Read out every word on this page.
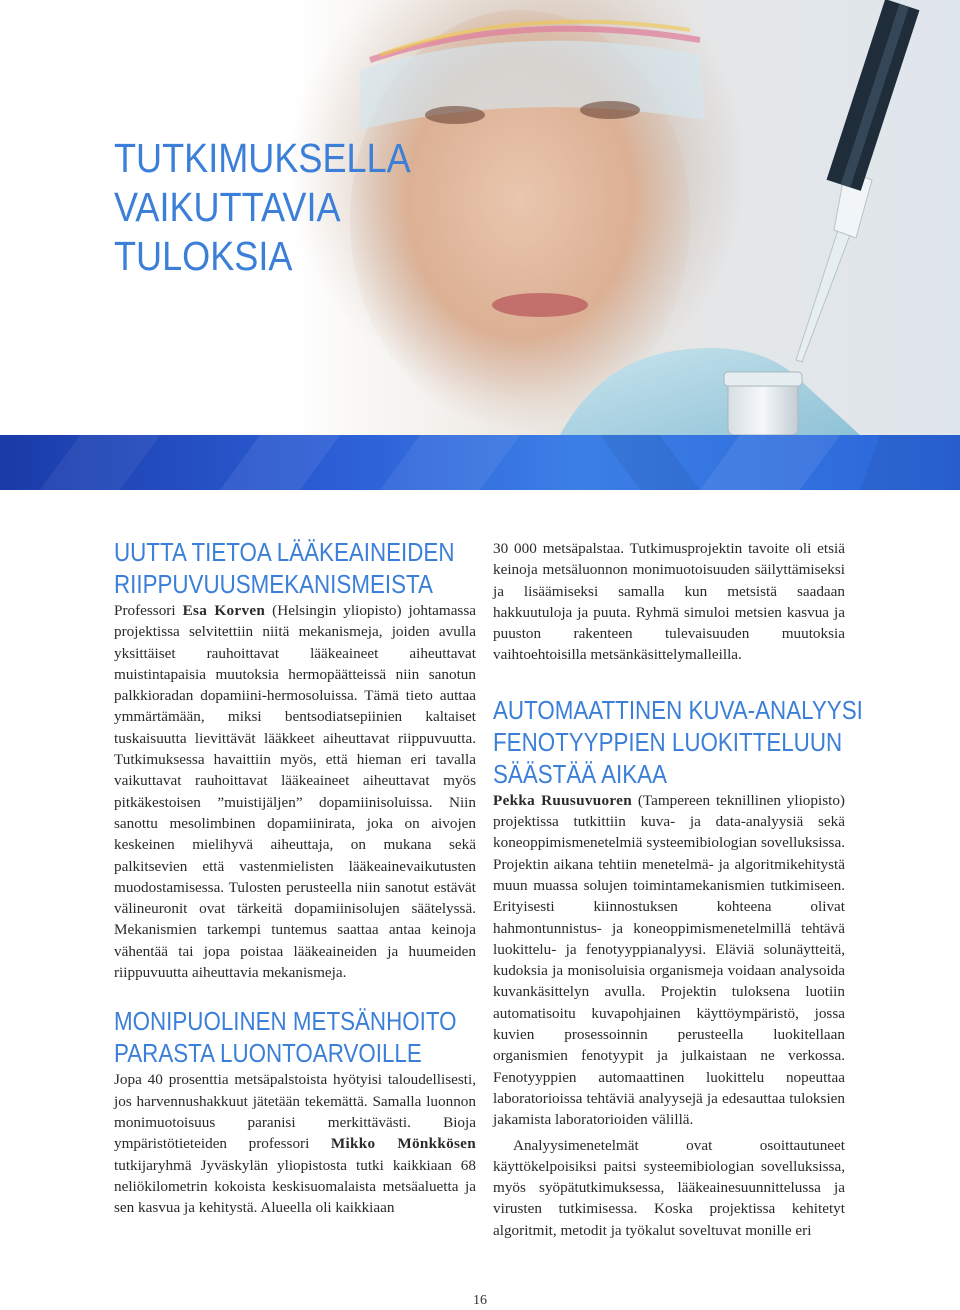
TUTKIMUKSELLA
VAIKUTTAVIA
TULOKSIA
UUTTA TIETOA LÄÄKEAINEIDEN
RIIPPUVUUSMEKANISMEISTA

Professori Esa Korven (Helsingin yliopisto) johtamassa projektissa selvitettiin niitä mekanismeja, joiden avulla yksittäiset rauhoittavat lääkeaineet aiheuttavat muistintapaisia muutoksia hermopäätteissä niin sanotun palkkioradan dopamiini-hermosoluissa. Tämä tieto auttaa ymmärtämään, miksi bentsodiatsepiinien kaltaiset tuskaisuutta lievittävät lääkkeet aiheuttavat riippuvuutta. Tutkimuksessa havaittiin myös, että hieman eri tavalla vaikuttavat rauhoittavat lääkeaineet aiheuttavat myös pitkäkestoisen ”muistijäljen” dopamiinisoluissa. Niin sanottu mesolimbinen dopamiinirata, joka on aivojen keskeinen mielihyvä aiheuttaja, on mukana sekä palkitsevien että vastenmielisten lääkeainevaikutusten muodostamisessa. Tulosten perusteella niin sanotut estävät välineuronit ovat tärkeitä dopamiinisolujen säätelyssä. Mekanismien tarkempi tuntemus saattaa antaa keinoja vähentää tai jopa poistaa lääkeaineiden ja huumeiden riippuvuutta aiheuttavia mekanismeja.

MONIPUOLINEN METSÄNHOITO
PARASTA LUONTOARVOILLE

Jopa 40 prosenttia metsäpalstoista hyötyisi taloudellisesti, jos harvennushakkuut jätetään tekemättä. Samalla luonnon monimuotoisuus paranisi merkittävästi. Bioja ympäristötieteiden professori Mikko Mönkkösen tutkijaryhmä Jyväskylän yliopistosta tutki kaikkiaan 68 neliökilometrin kokoista keskisuomalaista metsäaluetta ja sen kasvua ja kehitystä. Alueella oli kaikkiaan

30 000 metsäpalstaa. Tutkimusprojektin tavoite oli etsiä keinoja metsäluonnon monimuotoisuuden säilyttämiseksi ja lisäämiseksi samalla kun metsistä saadaan hakkuutuloja ja puuta. Ryhmä simuloi metsien kasvua ja puuston rakenteen tulevaisuuden muutoksia vaihtoehtoisilla metsänkäsittelymalleilla.

AUTOMAATTINEN KUVA-ANALYYSI
FENOTYYPPIEN LUOKITTELUUN
SÄÄSTÄÄ AIKAA

Pekka Ruusuvuoren (Tampereen teknillinen yliopisto) projektissa tutkittiin kuva- ja data-analyysiä sekä koneoppimismenetelmiä systeemibiologian sovelluksissa. Projektin aikana tehtiin menetelmä- ja algoritmikehitystä muun muassa solujen toimintamekanismien tutkimiseen. Erityisesti kiinnostuksen kohteena olivat hahmontunnistus- ja koneoppimismenetelmillä tehtävä luokittelu- ja fenotyyppianalyysi. Eläviä solunäytteitä, kudoksia ja monisoluisia organismeja voidaan analysoida kuvankäsittelyn avulla. Projektin tuloksena luotiin automatisoitu kuvapohjainen käyttöympäristö, jossa kuvien prosessoinnin perusteella luokitellaan organismien fenotyypit ja julkaistaan ne verkossa. Fenotyyppien automaattinen luokittelu nopeuttaa laboratorioissa tehtäviä analyysejä ja edesauttaa tuloksien jakamista laboratorioiden välillä.

Analyysimenetelmät ovat osoittautuneet käyttökelpoisiksi paitsi systeemibiologian sovelluksissa, myös syöpätutkimuksessa, lääkeainesuunnittelussa ja virusten tutkimisessa. Koska projektissa kehitetyt algoritmit, metodit ja työkalut soveltuvat monille eri

16
